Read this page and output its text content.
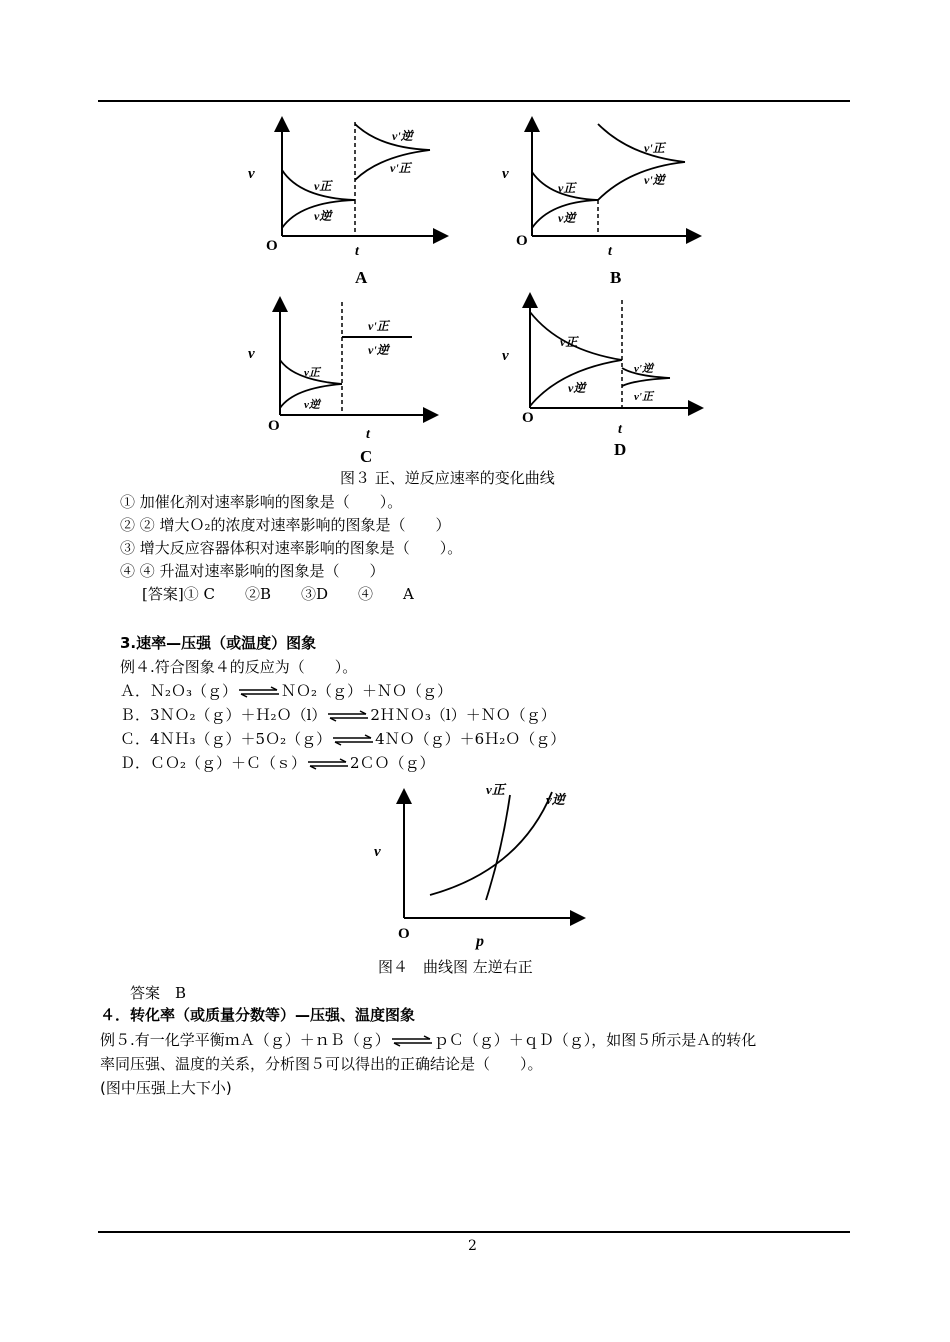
v
O	t
A
v正
v逆
v'逆
v'正	v
O
t
B
v正
v逆
v'正
v'逆
v
O
t
C
v正
v逆
v'正
v'逆	v
O
t
D
v正
v逆
v'逆
v'正
图３ 正、逆反应速率的变化曲线
① 加催化剂对速率影响的图象是（　　）。
② ② 增大Ｏ₂的浓度对速率影响的图象是（　　）
③ 增大反应容器体积对速率影响的图象是（　　）。
④ ④ 升温对速率影响的图象是（　　）
[答案]① C　　②B　　③D　　④　　A
3.速率—压强（或温度）图象
例４.符合图象４的反应为（　　）。
Ａ．Ｎ₂Ｏ₃（ｇ）⇌ＮＯ₂（ｇ）＋ＮＯ（ｇ）
Ｂ．3ＮＯ₂（ｇ）＋Ｈ₂Ｏ（l）⇌2ＨＮＯ₃（l）＋ＮＯ（ｇ）
Ｃ．4ＮＨ₃（ｇ）＋5Ｏ₂（ｇ）⇌4ＮＯ（ｇ）＋6Ｈ₂Ｏ（ｇ）
Ｄ．ＣＯ₂（ｇ）＋Ｃ（ｓ）⇌2ＣＯ（ｇ）
v
O	p
v正
v逆
图４　曲线图 左逆右正
答案　B
４．转化率（或质量分数等）—压强、温度图象
例５.有一化学平衡ｍＡ（ｇ）＋ｎＢ（ｇ）⇌ｐＣ（ｇ）＋ｑＤ（ｇ），如图５所示是Ａ的转化
率同压强、温度的关系，分析图５可以得出的正确结论是（　　）。
(图中压强上大下小)
2
